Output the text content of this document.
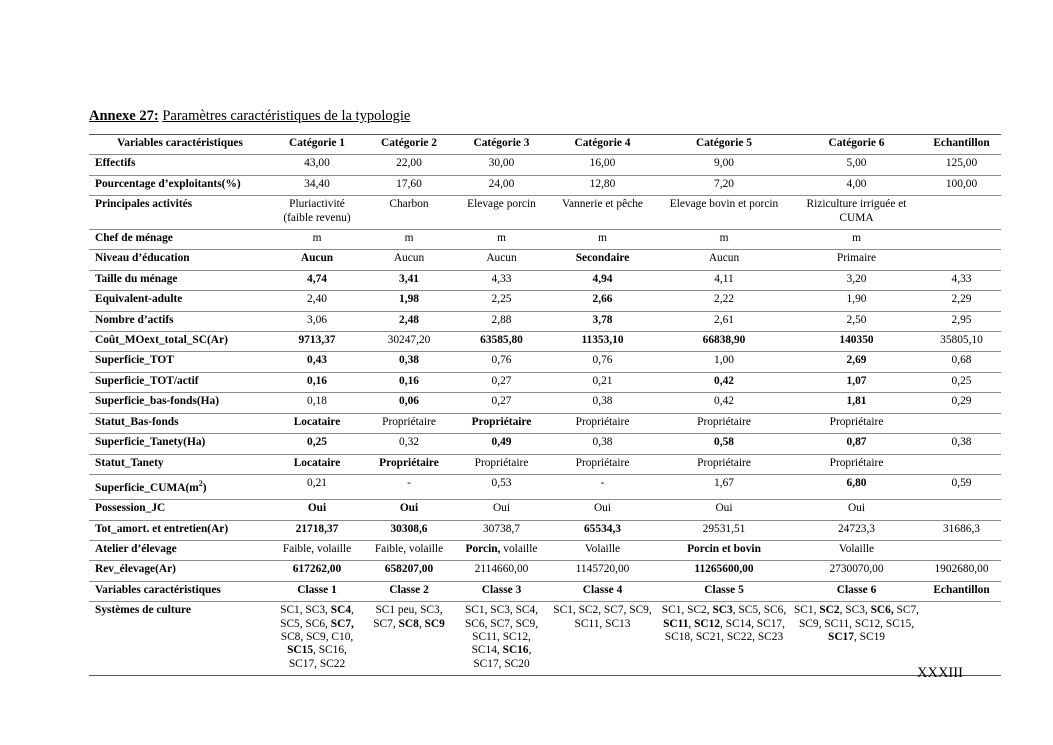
Annexe 27: Paramètres caractéristiques de la typologie
Variables caractéristiques	Catégorie 1	Catégorie 2	Catégorie 3	Catégorie 4	Catégorie 5	Catégorie 6	Echantillon
Effectifs	43,00	22,00	30,00	16,00	9,00	5,00	125,00
Pourcentage d’exploitants(%)	34,40	17,60	24,00	12,80	7,20	4,00	100,00
Principales activités	Pluriactivité (faible revenu)	Charbon	Elevage porcin	Vannerie et pêche	Elevage bovin et porcin	Riziculture irriguée et CUMA	
Chef de ménage	m	m	m	m	m	m	
Niveau d’éducation	Aucun	Aucun	Aucun	Secondaire	Aucun	Primaire	
Taille du ménage	4,74	3,41	4,33	4,94	4,11	3,20	4,33
Equivalent-adulte	2,40	1,98	2,25	2,66	2,22	1,90	2,29
Nombre d’actifs	3,06	2,48	2,88	3,78	2,61	2,50	2,95
Coût_MOext_total_SC(Ar)	9713,37	30247,20	63585,80	11353,10	66838,90	140350	35805,10
Superficie_TOT	0,43	0,38	0,76	0,76	1,00	2,69	0,68
Superficie_TOT/actif	0,16	0,16	0,27	0,21	0,42	1,07	0,25
Superficie_bas-fonds(Ha)	0,18	0,06	0,27	0,38	0,42	1,81	0,29
Statut_Bas-fonds	Locataire	Propriétaire	Propriétaire	Propriétaire	Propriétaire	Propriétaire	
Superficie_Tanety(Ha)	0,25	0,32	0,49	0,38	0,58	0,87	0,38
Statut_Tanety	Locataire	Propriétaire	Propriétaire	Propriétaire	Propriétaire	Propriétaire	
$Superficie\_CUMA(m^2)$	0,21	-	0,53	-	1,67	6,80	0,59
Possession_JC	Oui	Oui	Oui	Oui	Oui	Oui	
Tot_amort. et entretien(Ar)	21718,37	30308,6	30738,7	65534,3	29531,51	24723,3	31686,3
Atelier d’élevage	Faible, volaille	Faible, volaille	Porcin, volaille	Volaille	Porcin et bovin	Volaille	
Rev_élevage(Ar)	617262,00	658207,00	2114660,00	1145720,00	11265600,00	2730070,00	1902680,00
Variables caractéristiques	Classe 1	Classe 2	Classe 3	Classe 4	Classe 5	Classe 6	Echantillon
Systèmes de culture	SC1, SC3, SC4, SC5, SC6, SC7, SC8, SC9, C10, SC15, SC16, SC17, SC22	SC1 peu, SC3, SC7, SC8, SC9	SC1, SC3, SC4, SC6, SC7, SC9, SC11, SC12, SC14, SC16, SC17, SC20	SC1, SC2, SC7, SC9, SC11, SC13	SC1, SC2, SC3, SC5, SC6, SC11, SC12, SC14, SC17, SC18, SC21, SC22, SC23	SC1, SC2, SC3, SC6, SC7, SC9, SC11, SC12, SC15, SC17, SC19	
XXXIII
